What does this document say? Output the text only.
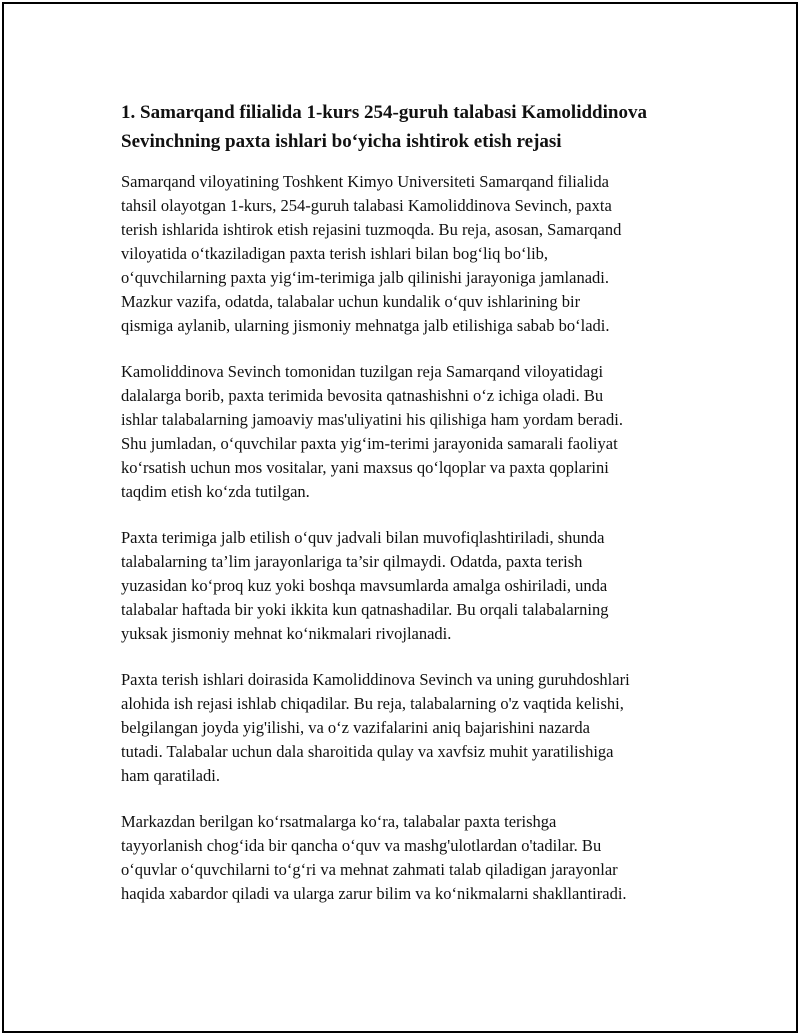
1. Samarqand filialida 1-kurs 254-guruh talabasi Kamoliddinova Sevinchning paxta ishlari bo‘yicha ishtirok etish rejasi

Samarqand viloyatining Toshkent Kimyo Universiteti Samarqand filialida
tahsil olayotgan 1-kurs, 254-guruh talabasi Kamoliddinova Sevinch, paxta
terish ishlarida ishtirok etish rejasini tuzmoqda. Bu reja, asosan, Samarqand
viloyatida o‘tkaziladigan paxta terish ishlari bilan bog‘liq bo‘lib,
o‘quvchilarning paxta yig‘im-terimiga jalb qilinishi jarayoniga jamlanadi.
Mazkur vazifa, odatda, talabalar uchun kundalik o‘quv ishlarining bir
qismiga aylanib, ularning jismoniy mehnatga jalb etilishiga sabab bo‘ladi.

Kamoliddinova Sevinch tomonidan tuzilgan reja Samarqand viloyatidagi
dalalarga borib, paxta terimida bevosita qatnashishni o‘z ichiga oladi. Bu
ishlar talabalarning jamoaviy mas'uliyatini his qilishiga ham yordam beradi.
Shu jumladan, o‘quvchilar paxta yig‘im-terimi jarayonida samarali faoliyat
ko‘rsatish uchun mos vositalar, yani maxsus qo‘lqoplar va paxta qoplarini
taqdim etish ko‘zda tutilgan.

Paxta terimiga jalb etilish o‘quv jadvali bilan muvofiqlashtiriladi, shunda
talabalarning ta’lim jarayonlariga ta’sir qilmaydi. Odatda, paxta terish
yuzasidan ko‘proq kuz yoki boshqa mavsumlarda amalga oshiriladi, unda
talabalar haftada bir yoki ikkita kun qatnashadilar. Bu orqali talabalarning
yuksak jismoniy mehnat ko‘nikmalari rivojlanadi.

Paxta terish ishlari doirasida Kamoliddinova Sevinch va uning guruhdoshlari
alohida ish rejasi ishlab chiqadilar. Bu reja, talabalarning o'z vaqtida kelishi,
belgilangan joyda yig'ilishi, va o‘z vazifalarini aniq bajarishini nazarda
tutadi. Talabalar uchun dala sharoitida qulay va xavfsiz muhit yaratilishiga
ham qaratiladi.

Markazdan berilgan ko‘rsatmalarga ko‘ra, talabalar paxta terishga
tayyorlanish chog‘ida bir qancha o‘quv va mashg'ulotlardan o'tadilar. Bu
o‘quvlar o‘quvchilarni to‘g‘ri va mehnat zahmati talab qiladigan jarayonlar
haqida xabardor qiladi va ularga zarur bilim va ko‘nikmalarni shakllantiradi.
